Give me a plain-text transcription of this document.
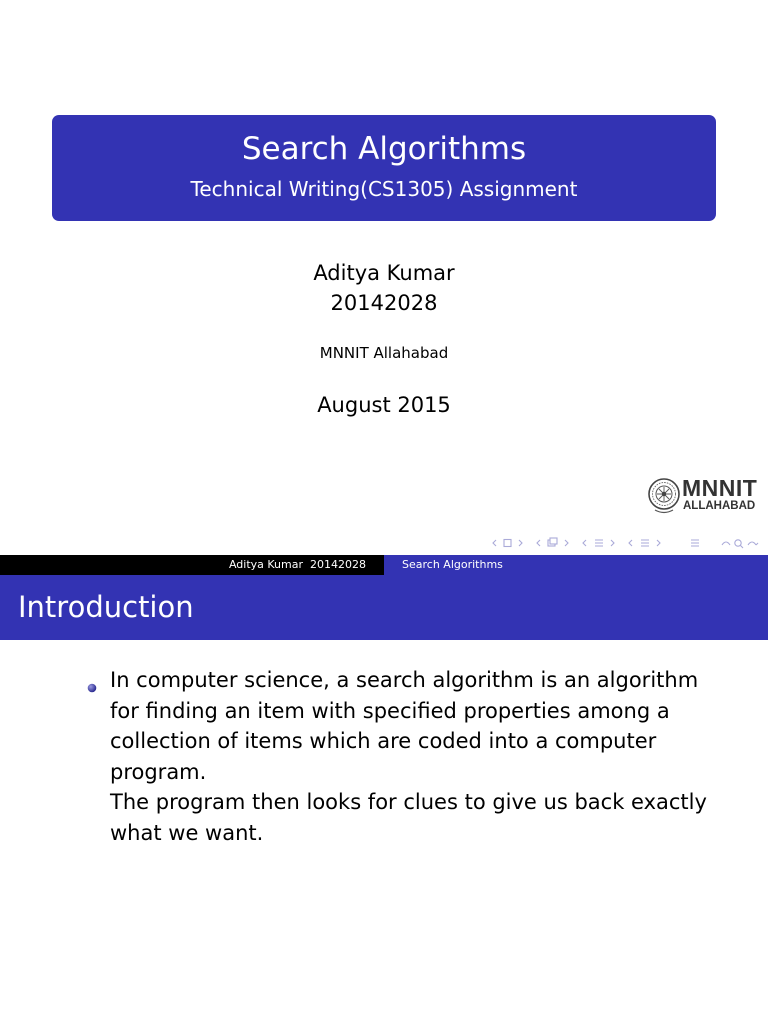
Search Algorithms
Technical Writing(CS1305) Assignment
Aditya Kumar
20142028
MNNIT Allahabad
August 2015
MNNIT
ALLAHABAD
Aditya Kumar 20142028	Search Algorithms
Introduction
In computer science, a search algorithm is an algorithm
for finding an item with specified properties among a
collection of items which are coded into a computer
program.
The program then looks for clues to give us back exactly
what we want.
